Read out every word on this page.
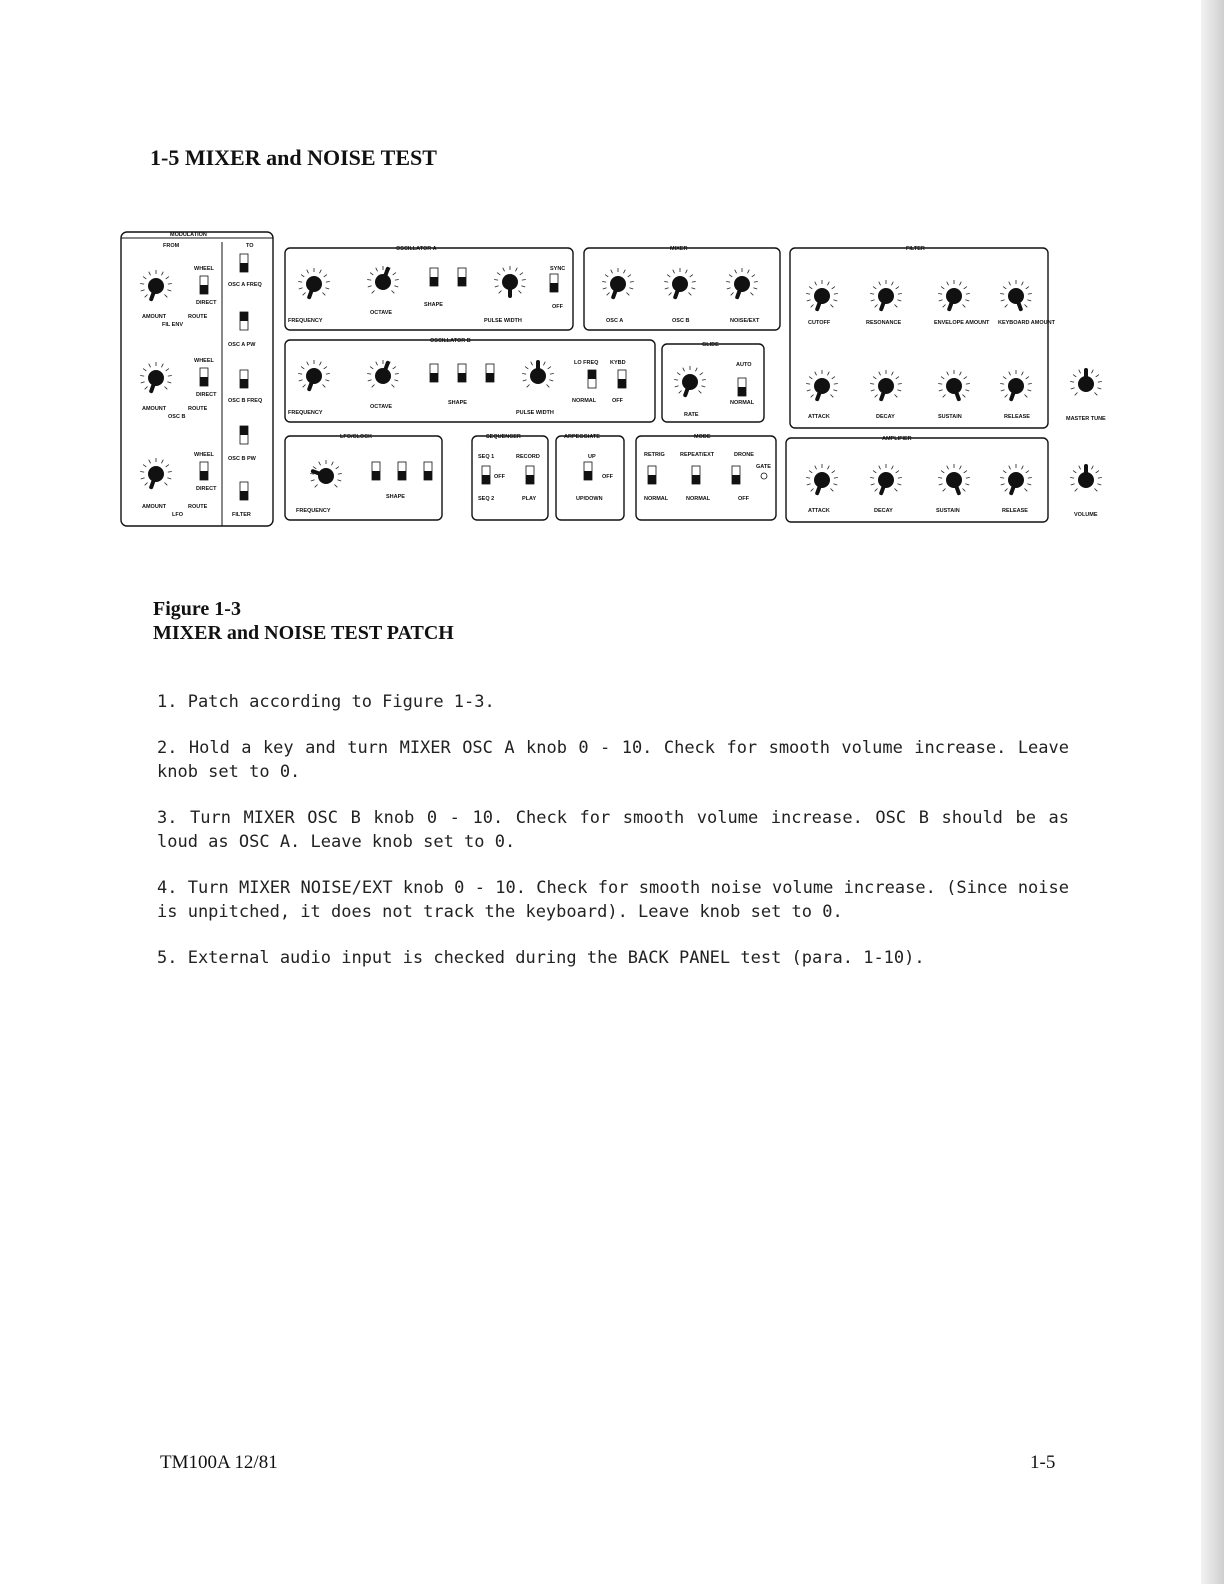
1-5 MIXER and NOISE TEST
MODULATION
FROM	TO
WHEEL
DIRECT
AMOUNT	ROUTE
FIL ENV
WHEEL
DIRECT
AMOUNT	ROUTE
OSC B
WHEEL
DIRECT
AMOUNT	ROUTE
LFO
OSC A FREQ
OSC A PW
OSC B FREQ
OSC B PW
FILTER
OSCILLATOR A
FREQUENCY
OCTAVE
SHAPE
PULSE WIDTH
SYNC
OFF
OSCILLATOR B
FREQUENCY
OCTAVE
SHAPE
PULSE WIDTH
LO FREQ KYBD
NORMAL	OFF
MIXER
OSC A	OSC B	NOISE/EXT
GLIDE
RATE
AUTO
NORMAL
LFO/CLOCK
FREQUENCY
SHAPE
SEQUENCER
SEQ 1
SEQ 2
RECORD
PLAY
OFF
ARPEGGIATE
UP
OFF
UP/DOWN
MODE
RETRIG	REPEAT/EXT	DRONE
NORMAL	NORMAL	OFF
GATE
FILTER
CUTOFF	RESONANCE	ENVELOPE AMOUNT KEYBOARD AMOUNT
ATTACK	DECAY	SUSTAIN	RELEASE
AMPLIFIER
ATTACK	DECAY	SUSTAIN	RELEASE
MASTER TUNE
VOLUME
Figure 1-3
MIXER and NOISE TEST PATCH
1. Patch according to Figure 1-3.
2. Hold a key and turn MIXER OSC A knob 0 - 10. Check for smooth volume increase. Leave knob set to 0.
3. Turn MIXER OSC B knob 0 - 10. Check for smooth volume increase. OSC B should be as loud as OSC A. Leave knob set to 0.
4. Turn MIXER NOISE/EXT knob 0 - 10. Check for smooth noise volume increase. (Since noise is unpitched, it does not track the keyboard). Leave knob set to 0.
5. External audio input is checked during the BACK PANEL test (para. 1-10).
TM100A 12/81	1-5
